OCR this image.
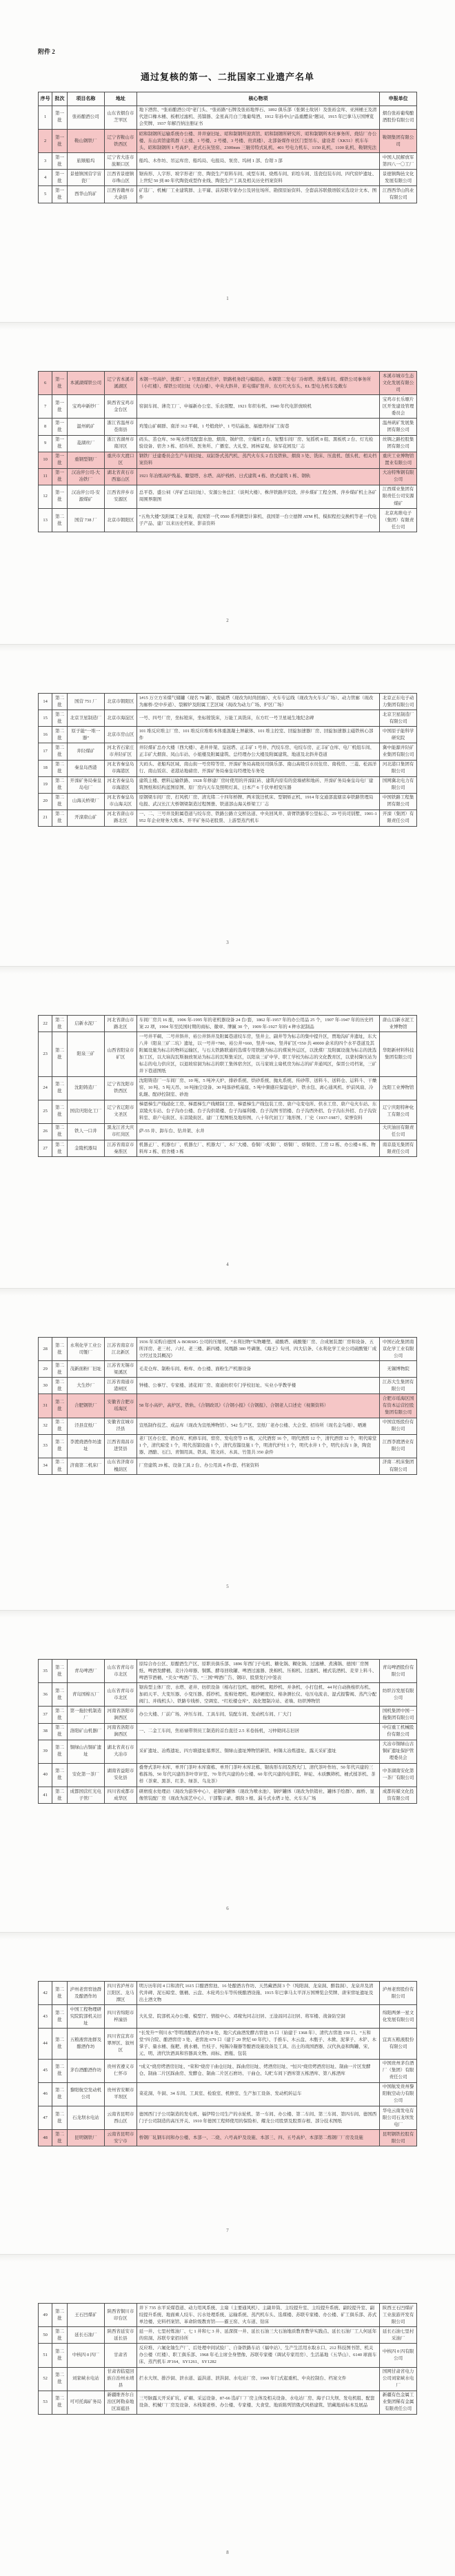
附件 2
通过复核的第一、二批国家工业遗产名单
序号	批次	项目名称	地址	核心物项	申报单位
1	第一批	张裕酿酒公司	山东省烟台市芝罘区	地下酒窖、“张裕酿酒公司”老门头、“张裕路”石牌及张裕地界石、1892 俱乐部（张弼士故居）及张裕金库、亚洲桶王及清代进口橡木桶、板框过滤机、蒸馏器、金星高月白兰地葡萄酒、1912 年孙中山“品重醴泉”题词、1915 年巴拿马万国博览会奖牌、1937 年解百纳注册证书	烟台张裕葡萄酿酒股份有限公司
2	第一批	鞍山钢铁厂	辽宁省鞍山市铁西区	昭和制钢所运输系统办公楼、井井寮旧址、昭和制钢所迎宾馆、昭和制钢所研究所、昭和制钢所本社事务所、烧结厂办公楼、东山宾馆建筑群（主楼、1 号楼、2 号楼、3 号楼、贵宾楼）、北部备煤作业区门型吊车、建设者（XK51）机车车头、昭和制钢所 1 号高炉、老式石灰竖窑、2300mm 三辊劳特式轧机、401 号电力机车、1150 轧机、1100 轧机、鞍钢宪法	鞍钢集团有限公司
3	第一批	旅顺船坞	辽宁省大连市旅顺口区	船坞、木作坊、吊运库房、船坞局、电报局、泵房、坞闸 1 部、台钳 3 部	中国人民解放军第四八一〇工厂
4	第一批	景德镇国营宇宙瓷厂	江西省景德镇市珠山区	锯齿形、人字形、坡字形老厂房、陶瓷生产原料车间、成型车间、烧炼车间、彩绘车间、选瓷包装车间、四代窑炉遗址、上世纪 50 到 80 年代陶瓷成型作业线、陶瓷生产工具及相关历史档案资料	景德镇陶邑文化发展有限公司
5	第一批	西华山钨矿	江西省赣州市大余县	矿选厂、机械厂工业建筑群、主平窿、前苏联专家办公及居住场所、勘探原始资料、全套前苏联俄语版采选设计文本、图件	江西西华山钨业有限公司
1
6	第一批	本溪湖煤铁公司	辽宁省本溪市溪湖区	本钢一号高炉、洗煤厂、2 号黑田式焦炉、铁路机务段与编组站、本钢第二发电厂冷却塔、洗煤车间、煤铁公司事务所（小红楼）、煤铁公司旧址（大白楼）、中央大斜井、彩屯煤矿竖井、东方红火车头、EL 型电力机车及敞车	本溪市城市生态文化发展有限公司
7	第一批	宝鸡申新纱厂	陕西省宝鸡市金台区	窑洞车间、薄壳工厂、申福新办公室、乐农别墅、1921 年织布机、1940 年代电影放映机	宝鸡市长乐塬片区开发建设管理委员会
8	第一批	温州矾矿	浙江省温州市苍南县	鸡笼山矿硐群、南洋 312 平硐、1 号煅烧炉、1 号结晶池、福德湾村矿工街巷	温州矾矿发展集团有限公司
9	第一批	菱湖丝厂	浙江省湖州市南浔区	码头、茧仓库、50 吨水塔及配套水池、烟囱、锅炉房、立缫机 2 台、复整车间厂房、复摇机 8 组、黑板机 2 台、灯光检验设备、宿舍 3 栋、招待所、医务所、广播室、大礼堂、园林景观、徐军花园及厂志	丝绸之路控股集团有限公司
10	第一批	重钢型钢厂	重庆市大渡口区	钢铁厂迁建委员会生产车间旧址、双缸卧式蒸汽机、蒸汽火车头 2 台及铁轨、烟囱 3 处、铣床、压直机、刨头机、相关档案资料	重庆工业博物馆置业有限公司
11	第一批	汉冶萍公司-大冶铁厂	湖北省黄石市西塞山区	1921 年冶炼高炉残基、瞭望塔、水塔、高炉栈桥、日式建筑 4 栋、欧式建筑 1 栋、钢轨	大冶特殊钢有限公司
12	第一批	汉冶萍公司-安源煤矿	江西省萍乡市安源区	总平巷、盛公祠（萍矿总局旧址）、安源公务总汇（谈判大楼）、株萍铁路萍安段、萍乡煤矿工程全图、萍乡煤矿机土各矿周围界限图	江西煤业集团有限责任公司安源煤矿
13	第二批	国营 738 厂	北京市朝阳区	“五角大楼”及附属工业景观、我国第一代 0500 系列微型计算机、我国第一台立德牌 ATM 机、模拟程控交换机等老一代电子产品、建厂以来历史档案、影音资料	北京兆维电子（集团）有限责任公司
2
14	第二批	国营 751 厂	北京市朝阳区	1#15 万立方米煤气储罐（现名 79 罐）、脱硫塔（现改为时尚回廊）、火车专运线（现改为火车头广场）、动力管廊（现改为廊桥-空中步道）、裂解炉及附属工艺区域（现改为动力广场、炉区广场）	北京正东电子动力集团有限公司
15	第二批	北京卫星制造厂	北京市海淀区	一号、四号厂房，坐标镗床，坐标镗铣床，万能工具铣床，东方红一号卫星诞生地纪念碑	北京卫星制造厂有限公司
16	第二批	原子能“一堆一器”	北京市房山区	101 堆反应堆主厂房、101 堆反应堆堆本体重混凝土屏蔽体、101 堆主控室、回旋加速器厂房、回旋加速器主磁铁核心部件	中国原子能科学研究院
17	第二批	井陉煤矿	河北省石家庄市井陉矿区	井陉煤矿总办大楼（西大楼）、老井井架、皇冠塔、正丰矿 1 号井、汽绞车房、电绞车房、正丰矿仓库、电厂机组车间、正丰矿大烟囱、凤山车站、小姐楼及附属建筑、总经理办公大楼及附属建筑、地道及北斜井巷道	冀中能源井陉矿业集团有限公司
18	第二批	秦皇岛西港	河北省秦皇岛市海港区	大码头、老船坞区域、南山街一号房特等房、开滦矿务局高级员司俱乐部、南山高级引水员住房、南栈房、三菱、松昌洋行、南山饭店、老港站地磅房、开滦矿务局秦皇岛经理处车务处	河北港口集团有限公司
19	第二批	开滦矿务局秦皇岛电厂	河北省秦皇岛市海港区	建筑主楼、燃料运输铁路、1928 年修建厂房时使用的开滦缸砖、建筑内原有的瓷墙裙和地砖、开滦矿务局秦皇岛电厂建筑图纸和结构蓝图原图、原厂房内天车及照明灯具、日本产 6 千伏单相变压器	国网冀北电力有限公司
20	第二批	山海关桥梁厂	河北省秦皇岛市山海关区	原钢梁车间厂房、打风机厂房、清光绪二十四年桥牌、两米铣边机床、型钢矫正机、1914 年交通部直辖京奉铁路管理局电报、武汉长江大桥钢梁制造过程图册、铁道部山海关桥梁工厂志	中国铁路工程集团有限公司
21	第二批	开滦唐山矿	河北省唐山市路北区	一、二、三号井及附属巷道与绞车房、铁路公路立交桥达道、中央回风井、唐胥铁路零公里标志、29 号员司别墅、1901-1952 年企业财务大账本、开平矿务局老股票、上游型蒸汽机车	开滦（集团）有限责任公司
3
22	第二批	启新水泥厂	河北省唐山市路北区	车间厂房共 16 座，1906 年-1995 年的老机器设备 24 台/套，1862 年-1957 年的办公用品 25 个，1907 年-1947 年的历史档案 22 项，1904 年至民国时期的商标、徽章、牌匾 30 个，1909 年-1927 年的 4 种水泥制品	唐山启新水泥工业博物馆
23	第二批	阳泉三矿	山西省阳泉市矿区	一号井平硐、二号井斜井、裕公井斜井及附属巷道绞车房，竖井主、副井等为标志的集中提升区，贾地沟矿井遗址，东大八井（阳泉三矿二坑）遗址，以一号井+780、裕公井+660、竖井+606、竖井矿区+550 共 40000 余米的四个水平巷道及其附属设施为标志的物料运输区，与石太铁路联通的选煤专用铁路为标志的煤炭外运区，以洗煤厂及附属设施为标志的洗选加工区，以大垴沟瓦斯抽放泵站为标志的瓦斯集采区，以阳泉三矿中学、职工学校为标志的文化教育区，以蒙村降压站为标志的电力供应区，以退坡窑洞为标志的职工集体宿舍区，以马家坡主扇机房为标志的矿井通风区，保晋公司档案，三矿井下巷道图纸	华阳新材料科技集团有限公司
24	第二批	沈阳铸造厂	辽宁省沈阳市铁西区	沈阳铸造厂一车间厂房、10 吨、5 吨冲天炉、排砂系统、烘砂系统、抛丸系统、传砂带、送料斗、送料仓、运料斗、干燥窑、10 吨、5 吨天吊、10 吨抽尘设备、30 吨落砂机基座、5 吨中频感应保温电炉、铁水包、离心通风机、炉前风扇、冷轧辊、配砂控制室、砂池	沈阳工业博物馆
25	第二批	国营庆阳化工厂	辽宁省辽阳市文圣区	梯恩梯生产线硝化工房、梯恩梯生产线精制工房、梯恩梯生产线包装工房、唐户屯变电所、供水工房、唐户屯火车站、东京陵火车站、台子沟办公楼、台子沟供销楼、台子沟福利楼、台子沟图书馆楼、台子沟西外招、台子沟东外招、台子沟资料室、唐户屯街区、东京陵街区、建厂工程图纸及地形图、八十年代初工厂地形图、厂史（1937-1987）、荣誉资料	辽宁庆阳特种化工有限公司
26	第二批	铁人一口井	黑龙江省大庆市红岗区	萨-55 井、卸车台、钻井架、水井	大庆油田有限责任公司
27	第二批	金陵机器局	江苏省南京市秦淮区	机器正厂、机器右厂、机器左厂、机器大厂、木厂大楼、卷铜厂/炙铜厂、熔铜厂、熔铜房、工房 12 栋、办公楼 6 栋、物料库 2 栋、宿舍楼 3 栋	南京晨光集团有限责任公司
4
28	第二批	永利化学工业公司铔厂	江苏省南京市江北新区	1936 年采购自德国 A·BORSIG 公司的压缩机、“永利旧物”实物雕塑、硝酸塔、硫酸铔厂房、合成氨装置厂房和设备、五所洋房、老三村、六村、老三楼、新四楼、凤凰路 380 号碉堡、《海王》旬刊、四大信条、《永利化学工业公司硫酸铔厂成立经过及其概况》	中国石化集团南京化学工业有限公司
29	第二批	茂新面粉厂旧址	江苏省无锡市梁溪区	毛麦仓库、制粉车间、粉库、办公楼、面粉生产机器设备	无锡博物院
30	第二批	大生纱厂	江苏省南通市港闸区	钟楼、公事厅、专家楼、清花间厂房、南通纺织专门学校旧址、实业小学教学楼	江苏大生集团有限公司
31	第二批	合肥钢铁厂	安徽省合肥市瑶海区	58 年小高炉、高炉区、铁轨、《合钢政讯》《合钢小报》《合钢报》、合钢老人口述史（视频资料）	合肥市瑶海区国有资本运营控股集团有限公司
32	第二批	泾县宣纸厂	安徽省宣城市泾县	宣纸制作技艺、成品库（现改为宣纸博物馆）、542 生产区、宣纸厂老办公楼、大会堂、招待所（现名金乌楼）、晒滩	中国宣纸股份有限公司
33	第二批	李渡烧酒作坊遗址	江西省南昌市进贤县	老厂区办公室、酒仓库、机修车间、窖房、发电房等 15 栋，元代酒窖 16 个，明代酒窖 12 个，清代酒窖 32 个，明代晾堂 1 个，清代晾堂 1 个，明代蒸馏设施 1 个，清代蒸馏设施 1 个，明清代炉灶 1 个，明代水井 1 个，明代水沟 1 条，陶瓷器、酒醅、石臼、青铜用具、铁具、铭文砖、木具、竹签共 350 余件	江西李渡酒业有限公司
34	第二批	济南第二机床厂	山东省济南市槐荫区	厂房建筑 29 栋、设备工具 2 台、办公用具 4 件/套、档案资料	济南二机床集团有限公司
5
35	第二批	青岛啤酒厂	山东省青岛市市北区	原综合办公区、原酿酒生产区、原职员俱乐部、1896 年西门子电机、糖化锅、糊化锅、过滤槽、煮沸锅、德国厂房图纸、啤酒发酵桶、麦汁冷却器、铜瓢、酵母回收罐、啤酒过滤器、洗棉机、压棉机、过滤机、桶式装酒机、麦芽上料斗、啤酒节酒桶、“美女”啤酒广告、“三国”啤酒广告、钢印、股票发行中签表	青岛啤酒股份有限公司
36	第二批	青岛国棉五厂	山东省青岛市市北区	锯齿型主体厂房、水塔、老井、纺织设备（棉布打包机、细纱机、粗纱机、并条机、小打包机、44 吋自动换梭织布机、加码天平、大变压器、小变压器、摇纱机、废棉处理机、粗砂硬度仪、棉条测长仪、电压电流表、湿式报警阀、蒸汽分配阀门、并线机头）、铁路专线桥、空调室、“红松楼仓库”、溴化锂制冷站、老墙、纺织博物馆	纺织谷发展有限公司
37	第二批	第一拖拉机制造厂	河南省洛阳市涧西区	办公大楼、厂前广场、冲压车间、工具车间、装配车间、发动机车间、厂大门	国机集团中国一拖集团有限公司
38	第二批	洛阳矿山机器厂	河南省洛阳市涧西区	一、二金工车间，焦裕禄带领员工制造的首台直径 2.5 米卷扬机，习仲勋同志旧居	中信重工机械股份有限公司
39	第二批	铜绿山古铜矿遗址	湖北省黄石市大冶市	采矿遗址、冶炼遗址、四方塘遗址墓葬区、铜绿山遗址博物馆新馆、柯锡太冶炼遗址、露天采矿遗址	大冶市铜绿山古铜矿遗址保护管理委员会
40	第二批	安化第一茶厂	湖南省益阳市安化县	叠脊式茶叶木库、单开门茶叶木库南栋、单开门茶叶木库北栋、锯齿形车间及西大门、清代茶叶作坊、50 年代兴建的三栋拣场、50 年代兴建的茶叶审评室、70 年代兴建的办公楼、60 年代兴建的电影院、秤砣、木质飘筛机、桶式揉茶机、茶样（茶柬、黑茶、红茶、绿茶、乌龙茶）	中茶湖南安化第一茶厂有限公司
41	第二批	成都国营红光电子管厂	四川省成都市成华区	研磨废水处理站（现改为游客中心）、老锅炉罐体（现改为喷水池）、锅炉罐体（现改为供销社、罐体手绘群）、廊桥、显像管装配厂房（现改为演艺中心）、干部警示录、烟囱 3 根、漏斗式水塔 2 处、火车头广场	成都传媒文化投资有限公司
6
42	第二批	泸州老窖窖池群及酿酒作坊	四川省泸州市江阳区、龙马潭区	明万历年间 4 口和清代 1615 口酿酒窖池、16 处酿酒古作坊、天然藏酒洞 3 个（纯阳洞、龙泉洞、醉翁洞）、龙泉井及清代井碑、泥石晾堂、甑桶、云盘、木轮鸡公车等传统酿酒设施、1915 年巴拿马太平洋万国博览会奖牌、唐宋窖址遗址及出土酒文物	泸州老窖股份有限公司
43	第二批	中国工程物理研究院院部机关旧址	四川省绵阳市梓潼县	大礼堂、院部机关办公楼、模型厅、情报中心、邓稼先同志旧居、王淦昌同志旧居、将军楼、战备防空洞	绵阳两弹一星文化发展有限公司
44	第二批	五粮液窖池群及酿酒作坊	四川省宜宾市翠屏区、叙州区	“长发升”“利川永”等明清酿酒古作坊 8 处、地穴式曲酒发酵古窖池 15 口（始建于 1368 年）、清代古窖池 159 口、“五和堂”四合院、酿酒窖房 3 处、老窖池 679 口（建于 20 世纪 60 年代）、手推车、木云盘、木甑子、木掀、泥掌子、木铲、木掌子、量水桶、拖耙、挑水桶、竹枝子、纯锡冷凝器等酿酒设施设备及工具、出土的战国酒器、汉代执壶和陶罐、宋、元、明、清代饮酒具和容器具文物、商标、酒瓶、包装	宜宾五粮液股份有限公司
45	第二批	茅台酒酿酒作坊	贵州省遵义市仁怀市	“成义”烧房烤酒房旧址、“荣和”烧房干曲仓旧址、踩曲房旧址、烤酒房旧址、“恒兴”烧房烤酒房旧址、制曲一片区发酵仓、制曲二片区踩曲房、发酵仓、制曲二片区石磨坊、干曲仓、勾贮车间下酒库第五栋酒库、第八栋酒库	中国贵州茅台酒厂（集团）有限责任公司
46	第二批	黎阳航空发动机公司	贵州省安顺市平坝区	菜花洞、牛洞、34 车间、工具室、检验室、机修室、生产加工设备、发动机转运车	中国航发贵州黎阳航空动力有限公司
47	第二批	石龙坝水电站	云南省昆明市西山区	德国西门子公司制造的发电机、福伊特公司生产的水轮机、第一车间、办公楼、第二车间、第三车间、第四车间、德国西门子公司制造的高压开关、1910 年德国工程师使用的保险柜、耀龙公司股票及股票存根、部分技术图纸	华电云南发电有限公司石龙坝发电厂
48	第二批	昆明钢铁厂	云南省昆明市安宁市	桥钢厂轧钢车间和办公楼、本部一、二烧、六号高炉及设施、本部三、四、五号高炉、本部第二炼钢厂厂房及设施	昆明钢铁控股有限公司
7
49	第二批	王石凹煤矿	陕西省铜川市印台区	井下 735 水平采煤巷道、动力用风系统、主扇（主要通风机）、主副井筒、主绞提升室、主绞提升系统、副绞提升室、副绞提升系统、地面乘人绞车、污水处理系统、运输系统、蒸汽机车头、选煤楼、苏联专家楼、办公楼、矿工俱乐部、苏式单边楼、史料档案馆、革命阶级教育馆——霸王窑、火车道、钻床	陕西王石凹煤矿工业旅游开发有限公司
50	第二批	延长石油厂	陕西省延安市延长县	延一井、七里村炼油厂、七 1 井和七 3 井、延深探一井、延长石油三大石油地质教育教学实践点、延长石油厂工人何延年的窑洞、苏联专家招待所	延长石油七里村采油厂
51	第二批	中核四 0 四厂	甘肃省	反应堆、六氟化铀生产厂、后处理中间试验厂、自备铁路车站（福中站）、生产生活用水取水口、212 科技图书馆、机关办公楼（红楼）、职工俱乐部、1968 年毛主席全身塑像、苏联专家楼（调试专家用房）、生活基地（五华山）、6140 球面车床、蒸汽机车 JF164、SY1261、SY1282	中核四 0 四有限公司
52	第二批	刘家峡水电站	甘肃省临夏回族自治州永靖县	拦水大坝、排沙洞、泄水道、溢洪道、泄洪洞、水电站厂房、1969 年门式起重机、中央控制台、档案文件	国网甘肃省电力公司刘家峡水电厂
53	第二批	可可托海矿务局	新疆维吾尔自治区阿勒泰地区富蕴县	三号脉露天开采矿坑、矿硐、采运设备、87-66 选矿厂厂房主体及相关设备、水电站厂房、海子口大坝、发电机组、配套设备、机械厂厂房及设备、木栈架老桥、办公楼、专家楼、大食堂、地质陈列馆俄式风格建筑、馆藏地质标本及展品	新疆有色金属工业集团稀有金属有限责任公司
8
